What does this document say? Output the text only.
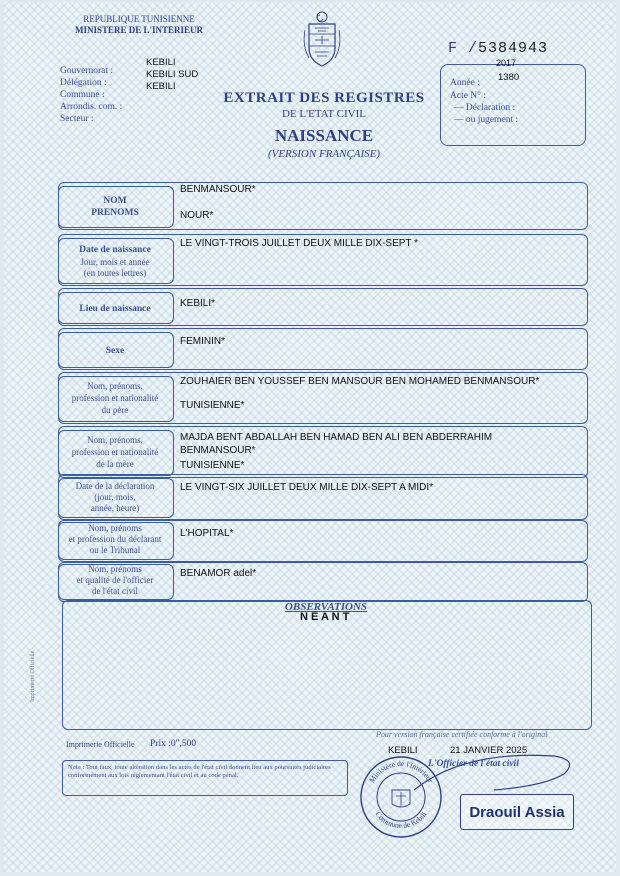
REPUBLIQUE TUNISIENNE
MINISTERE DE L'INTERIEUR
Gouvernorat :
KEBILI
Délégation :
KEBILI SUD
Commune :
KEBILI
Arrondis. com. :
Secteur :
EXTRAIT DES REGISTRES
DE L'ETAT CIVIL
NAISSANCE
(VERSION FRANÇAISE)
F /5384943
Année :
2017
Acte N° :
1380
— Déclaration :
— ou jugement :
NOM
PRENOMS
BENMANSOUR*
NOUR*
Date de naissance
Jour, mois et année
(en toutes lettres)
LE VINGT-TROIS JUILLET DEUX MILLE DIX-SEPT *
Lieu de naissance	KEBILI*
Sexe
FEMININ*
Nom, prénoms,
profession et nationalité
du père
ZOUHAIER BEN YOUSSEF BEN MANSOUR BEN MOHAMED BENMANSOUR*
TUNISIENNE*
Nom, prénoms,
profession et nationalité
de la mère
MAJDA BENT ABDALLAH BEN HAMAD BEN ALI BEN ABDERRAHIM
BENMANSOUR*
TUNISIENNE*
Date de la déclaration
(jour, mois,
année, heure)
LE VINGT-SIX JUILLET DEUX MILLE DIX-SEPT A MIDI*
Nom, prénoms
et profession du déclarant
ou le Tribunal
L'HOPITAL*
Nom, prénoms
et qualité de l'officier
de l'état civil
BENAMOR adel*
OBSERVATIONS
N E A N T
Imprimerie Officielle
Imprimerie Officielle Prix :0",500
Pour version française certifiée conforme à l'original
KEBILI	21 JANVIER 2025
L'Officier de l'état civil
Note : Tout faux, toute altération dans les actes de l'état civil donnent lieu aux poursuites judiciaires conformément aux lois réglementant l'état civil et au code pénal.	Ministère de l'Intérieur
Commune de Kebili	Draouil Assia
